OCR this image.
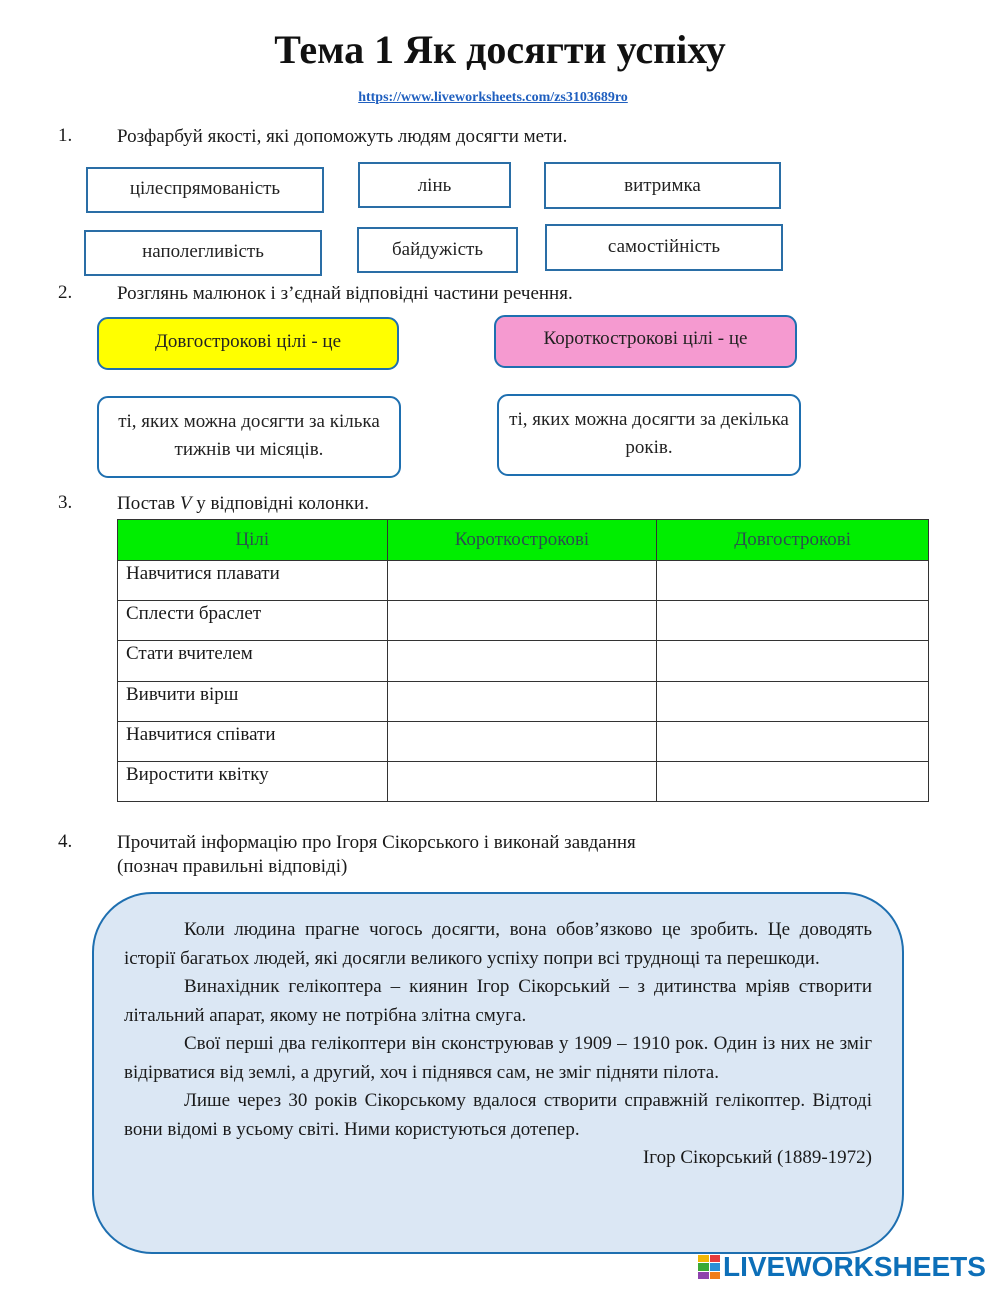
Тема 1 Як досягти успіху
https://www.liveworksheets.com/zs3103689ro
1. Розфарбуй якості, які допоможуть людям досягти мети.
цілеспрямованість	лінь	витримка
наполегливість	байдужість	самостійність
2. Розглянь малюнок і з’єднай відповідні частини речення.
Довгострокові цілі - це	Короткострокові цілі - це
ті, яких можна досягти за кілька тижнів чи місяців.
ті, яких можна досягти за декілька років.
3. Постав V у відповідні колонки.
Цілі	Короткострокові	Довгострокові
Навчитися плавати		
Сплести браслет		
Стати вчителем		
Вивчити вірш		
Навчитися співати		
Виростити квітку		
4. Прочитай інформацію про Ігоря Сікорського і виконай завдання
(познач правильні відповіді)

Коли людина прагне чогось досягти, вона обов’язково це зробить. Це доводять історії багатьох людей, які досягли великого успіху попри всі труднощі та перешкоди.

Винахідник гелікоптера – киянин Ігор Сікорський – з дитинства мріяв створити літальний апарат, якому не потрібна злітна смуга.

Свої перші два гелікоптери він сконструював у 1909 – 1910 рок. Один із них не зміг відірватися від землі, а другий, хоч і піднявся сам, не зміг підняти пілота.

Лише через 30 років Сікорському вдалося створити справжній гелікоптер. Відтоді вони відомі в усьому світі. Ними користуються дотепер.

Ігор Сікорський (1889-1972)

LIVEWORKSHEETS
